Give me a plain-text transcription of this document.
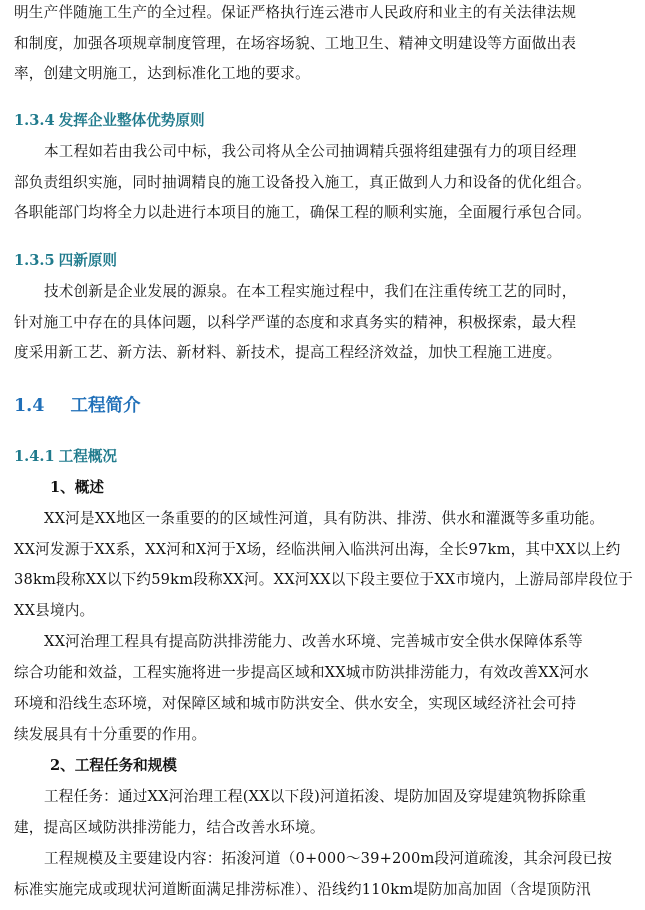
明生产伴随施工生产的全过程。保证严格执行连云港市人民政府和业主的有关法律法规
和制度，加强各项规章制度管理，在场容场貌、工地卫生、精神文明建设等方面做出表
率，创建文明施工，达到标准化工地的要求。
1.3.4 发挥企业整体优势原则
本工程如若由我公司中标，我公司将从全公司抽调精兵强将组建强有力的项目经理
部负责组织实施，同时抽调精良的施工设备投入施工，真正做到人力和设备的优化组合。
各职能部门均将全力以赴进行本项目的施工，确保工程的顺利实施，全面履行承包合同。
1.3.5 四新原则
技术创新是企业发展的源泉。在本工程实施过程中，我们在注重传统工艺的同时，
针对施工中存在的具体问题，以科学严谨的态度和求真务实的精神，积极探索，最大程
度采用新工艺、新方法、新材料、新技术，提高工程经济效益，加快工程施工进度。
1.4 工程简介
1.4.1 工程概况
1、概述
XX河是XX地区一条重要的的区域性河道，具有防洪、排涝、供水和灌溉等多重功能。
XX河发源于XX系，XX河和X河于X场，经临洪闸入临洪河出海，全长97km，其中XX以上约
38km段称XX以下约59km段称XX河。XX河XX以下段主要位于XX市境内，上游局部岸段位于
XX县境内。
XX河治理工程具有提高防洪排涝能力、改善水环境、完善城市安全供水保障体系等
综合功能和效益，工程实施将进一步提高区域和XX城市防洪排涝能力，有效改善XX河水
环境和沿线生态环境，对保障区域和城市防洪安全、供水安全，实现区域经济社会可持
续发展具有十分重要的作用。
2、工程任务和规模
工程任务：通过XX河治理工程(XX以下段)河道拓浚、堤防加固及穿堤建筑物拆除重
建，提高区域防洪排涝能力，结合改善水环境。
工程规模及主要建设内容：拓浚河道（0+000～39+200m段河道疏浚，其余河段已按
标准实施完成或现状河道断面满足排涝标准）、沿线约110km堤防加高加固（含堤顶防汛
